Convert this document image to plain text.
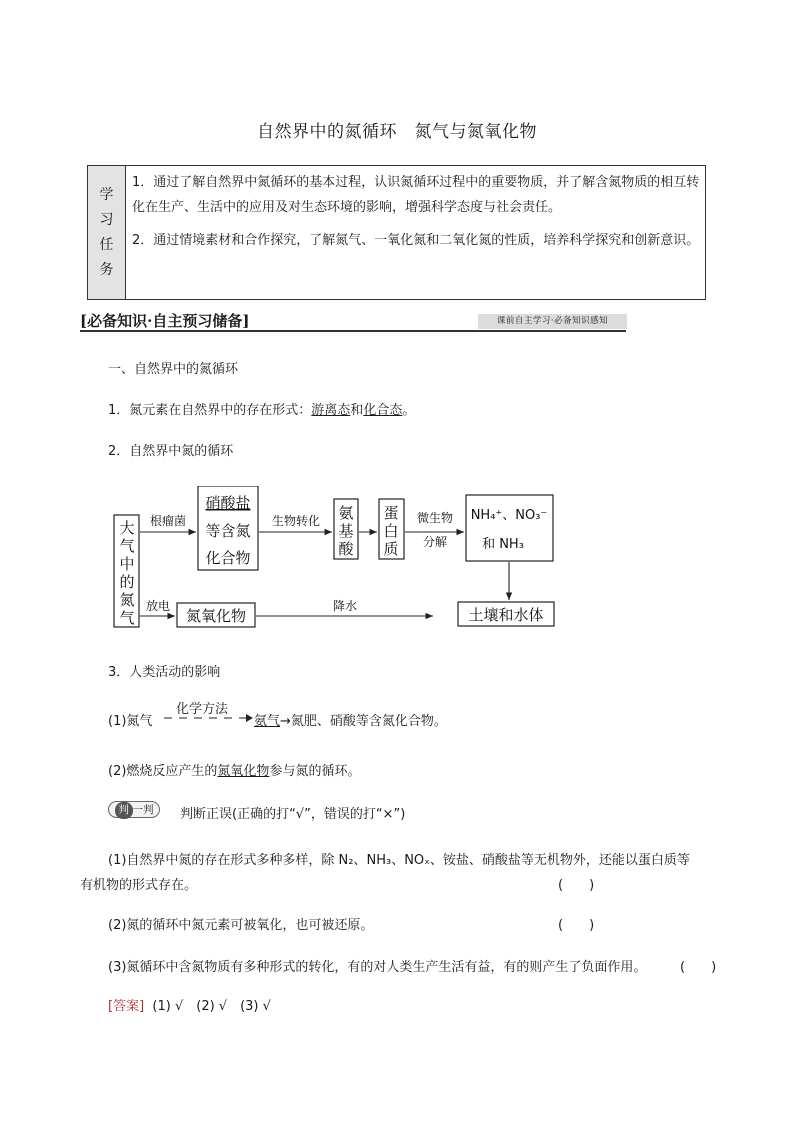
自然界中的氮循环　氮气与氮氧化物
学
习
任
务

1．通过了解自然界中氮循环的基本过程，认识氮循环过程中的重要物质，并了解含氮物质的相互转化在生产、生活中的应用及对生态环境的影响，增强科学态度与社会责任。

2．通过情境素材和合作探究，了解氮气、一氧化氮和二氧化氮的性质，培养科学探究和创新意识。

[必备知识·自主预习储备]	课前自主学习·必备知识感知
一、自然界中的氮循环
1．氮元素在自然界中的存在形式：游离态和化合态。
2．自然界中氮的循环
大
气
中
的
氮
气
硝酸盐
等含氮
化合物
氨
基
酸
蛋
白
质
NH₄⁺、NO₃⁻
和 NH₃
氮氧化物	土壤和水体
根瘤菌	生物转化	微生物
分解
放电	降水
3．人类活动的影响
(1)氮气
化学方法
氨气→氮肥、硝酸等含氮化合物。
(2)燃烧反应产生的氮氧化物参与氮的循环。
判 一判	判断正误(正确的打“√”，错误的打“×”)
(1)自然界中氮的存在形式多种多样，除 N₂、NH₃、NOₓ、铵盐、硝酸盐等无机物外，还能以蛋白质等
有机物的形式存在。	(　　)
(2)氮的循环中氮元素可被氧化，也可被还原。	(　　)
(3)氮循环中含氮物质有多种形式的转化，有的对人类生产生活有益，有的则产生了负面作用。	(　　)
[答案] (1) √　(2) √　(3) √
